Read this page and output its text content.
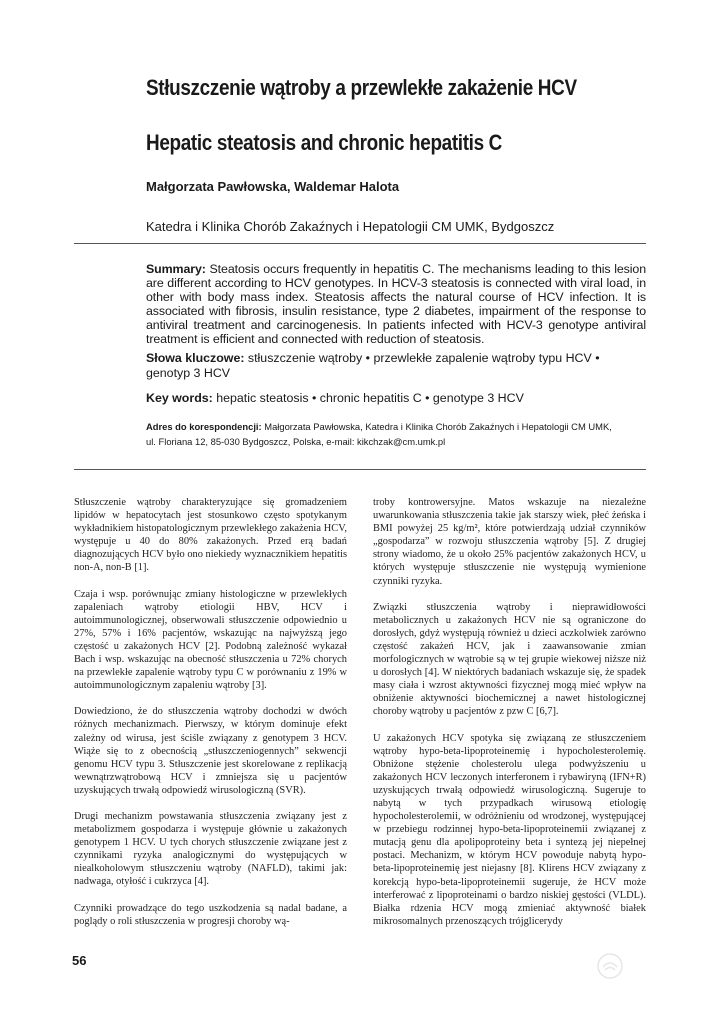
Stłuszczenie wątroby a przewlekłe zakażenie HCV
Hepatic steatosis and chronic hepatitis C

Małgorzata Pawłowska, Waldemar Halota

Katedra i Klinika Chorób Zakaźnych i Hepatologii CM UMK, Bydgoszcz

Summary: Steatosis occurs frequently in hepatitis C. The mechanisms leading to this lesion are different according to HCV genotypes. In HCV-3 steatosis is connected with viral load, in other with body mass index. Steatosis affects the natural course of HCV infection. It is associated with fibrosis, insulin resistance, type 2 diabetes, impairment of the response to antiviral treatment and carcinogenesis. In patients infected with HCV-3 genotype antiviral treatment is efficient and connected with reduction of steatosis.

Słowa kluczowe: stłuszczenie wątroby • przewlekłe zapalenie wątroby typu HCV • genotyp 3 HCV

Key words: hepatic steatosis • chronic hepatitis C • genotype 3 HCV

Adres do korespondencji: Małgorzata Pawłowska, Katedra i Klinika Chorób Zakaźnych i Hepatologii CM UMK,
ul. Floriana 12, 85-030 Bydgoszcz, Polska, e-mail: kikchzak@cm.umk.pl

Stłuszczenie wątroby charakteryzujące się gromadzeniem lipidów w hepatocytach jest stosunkowo często spotykanym wykładnikiem histopatologicznym przewlekłego zakażenia HCV, występuje u 40 do 80% zakażonych. Przed erą badań diagnozujących HCV było ono niekiedy wyznacznikiem hepatitis non-A, non-B [1].

Czaja i wsp. porównując zmiany histologiczne w przewlekłych zapaleniach wątroby etiologii HBV, HCV i autoimmunologicznej, obserwowali stłuszczenie odpowiednio u 27%, 57% i 16% pacjentów, wskazując na najwyższą jego częstość u zakażonych HCV [2]. Podobną zależność wykazał Bach i wsp. wskazując na obecność stłuszczenia u 72% chorych na przewlekłe zapalenie wątroby typu C w porównaniu z 19% w autoimmunologicznym zapaleniu wątroby [3].

Dowiedziono, że do stłuszczenia wątroby dochodzi w dwóch różnych mechanizmach. Pierwszy, w którym dominuje efekt zależny od wirusa, jest ściśle związany z genotypem 3 HCV. Wiąże się to z obecnością „stłuszczeniogennych” sekwencji genomu HCV typu 3. Stłuszczenie jest skorelowane z replikacją wewnątrzwątrobową HCV i zmniejsza się u pacjentów uzyskujących trwałą odpowiedź wirusologiczną (SVR).

Drugi mechanizm powstawania stłuszczenia związany jest z metabolizmem gospodarza i występuje głównie u zakażonych genotypem 1 HCV. U tych chorych stłuszczenie związane jest z czynnikami ryzyka analogicznymi do występujących w niealkoholowym stłuszczeniu wątroby (NAFLD), takimi jak: nadwaga, otyłość i cukrzyca [4].

Czynniki prowadzące do tego uszkodzenia są nadal badane, a poglądy o roli stłuszczenia w progresji choroby wą-

troby kontrowersyjne. Matos wskazuje na niezależne uwarunkowania stłuszczenia takie jak starszy wiek, płeć żeńska i BMI powyżej 25 kg/m², które potwierdzają udział czynników „gospodarza” w rozwoju stłuszczenia wątroby [5]. Z drugiej strony wiadomo, że u około 25% pacjentów zakażonych HCV, u których występuje stłuszczenie nie występują wymienione czynniki ryzyka.

Związki stłuszczenia wątroby i nieprawidłowości metabolicznych u zakażonych HCV nie są ograniczone do dorosłych, gdyż występują również u dzieci aczkolwiek zarówno częstość zakażeń HCV, jak i zaawansowanie zmian morfologicznych w wątrobie są w tej grupie wiekowej niższe niż u dorosłych [4]. W niektórych badaniach wskazuje się, że spadek masy ciała i wzrost aktywności fizycznej mogą mieć wpływ na obniżenie aktywności biochemicznej a nawet histologicznej choroby wątroby u pacjentów z pzw C [6,7].

U zakażonych HCV spotyka się związaną ze stłuszczeniem wątroby hypo-beta-lipoproteinemię i hypocholesterolemię. Obniżone stężenie cholesterolu ulega podwyższeniu u zakażonych HCV leczonych interferonem i rybawiryną (IFN+R) uzyskujących trwałą odpowiedź wirusologiczną. Sugeruje to nabytą w tych przypadkach wirusową etiologię hypocholesterolemii, w odróżnieniu od wrodzonej, występującej w przebiegu rodzinnej hypo-beta-lipoproteinemii związanej z mutacją genu dla apolipoproteiny beta i syntezą jej niepełnej postaci. Mechanizm, w którym HCV powoduje nabytą hypo-beta-lipoproteinemię jest niejasny [8]. Klirens HCV związany z korekcją hypo-beta-lipoproteinemii sugeruje, że HCV może interferować z lipoproteinami o bardzo niskiej gęstości (VLDL). Białka rdzenia HCV mogą zmieniać aktywność białek mikrosomalnych przenoszących trójglicerydy

56
